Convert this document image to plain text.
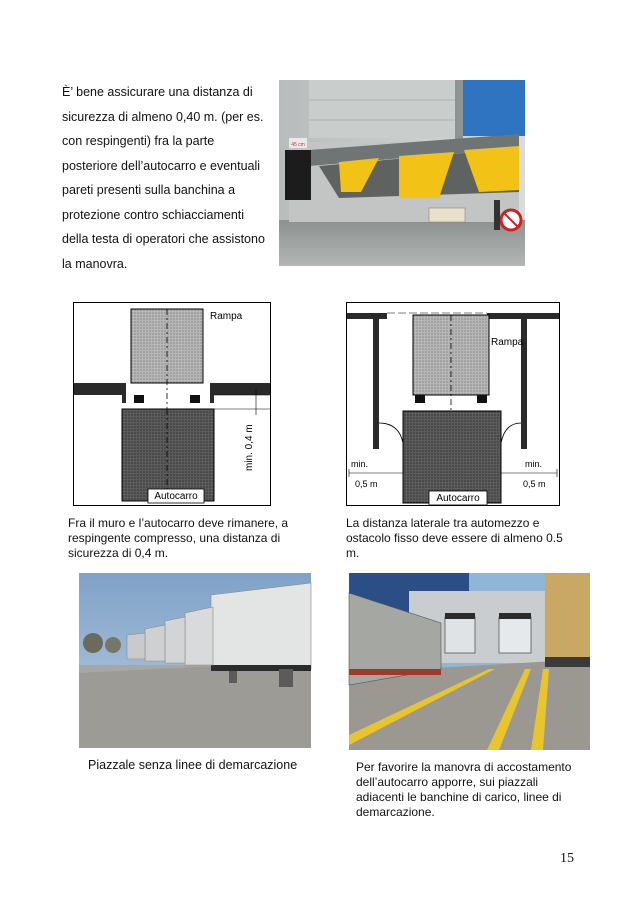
È’ bene assicurare una distanza di sicurezza di almeno 0,40 m. (per es. con respingenti) fra la parte posteriore dell’autocarro e eventuali pareti presenti sulla banchina a protezione contro schiacciamenti della testa di operatori che assistono la manovra.
45 cm
Rampa
Autocarro
min. 0,4 m
Rampa
Autocarro
min.
0,5 m
min.
0,5 m
Fra il muro e l’autocarro deve rimanere, a respingente compresso, una distanza di sicurezza di 0,4 m.
La distanza laterale tra automezzo e ostacolo fisso deve essere di almeno 0.5 m.
Piazzale senza linee di demarcazione	Per favorire la manovra di accostamento dell’autocarro apporre, sui piazzali adiacenti le banchine di carico, linee di demarcazione.
15
